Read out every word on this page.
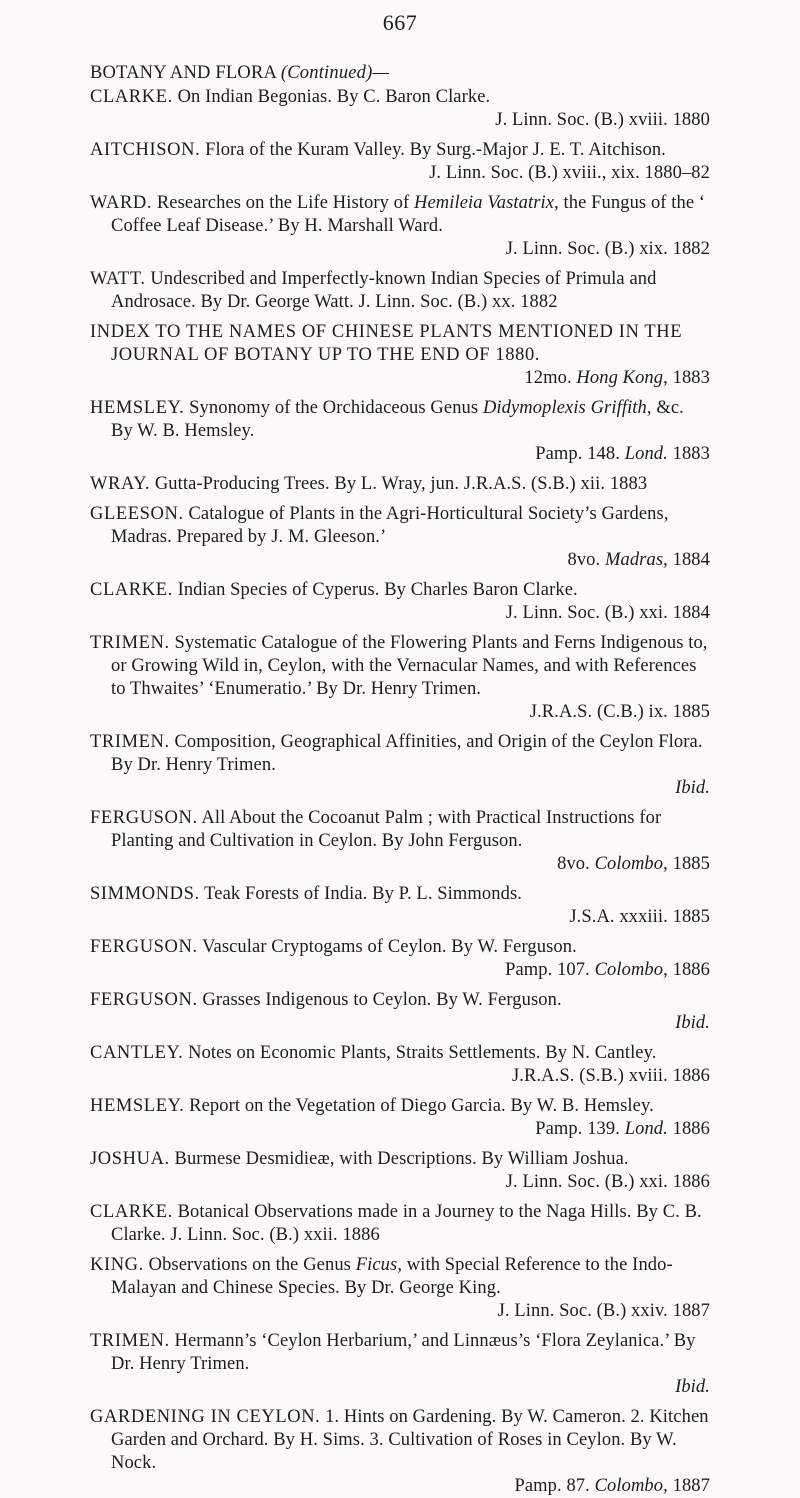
667
BOTANY AND FLORA (Continued)—

CLARKE. On Indian Begonias. By C. Baron Clarke.
J. Linn. Soc. (B.) xviii. 1880

AITCHISON. Flora of the Kuram Valley. By Surg.-Major J. E. T. Aitchison.
J. Linn. Soc. (B.) xviii., xix. 1880–82

WARD. Researches on the Life History of Hemileia Vastatrix, the Fungus of the ‘ Coffee Leaf Disease.’ By H. Marshall Ward.
J. Linn. Soc. (B.) xix. 1882

WATT. Undescribed and Imperfectly-known Indian Species of Primula and Androsace. By Dr. George Watt. J. Linn. Soc. (B.) xx. 1882

INDEX TO THE NAMES OF CHINESE PLANTS MENTIONED IN THE JOURNAL OF BOTANY UP TO THE END OF 1880.
12mo. Hong Kong, 1883

HEMSLEY. Synonomy of the Orchidaceous Genus Didymoplexis Griffith, &c. By W. B. Hemsley.
Pamp. 148. Lond. 1883

WRAY. Gutta-Producing Trees. By L. Wray, jun. J.R.A.S. (S.B.) xii. 1883

GLEESON. Catalogue of Plants in the Agri-Horticultural Society’s Gardens, Madras. Prepared by J. M. Gleeson.’
8vo. Madras, 1884

CLARKE. Indian Species of Cyperus. By Charles Baron Clarke.
J. Linn. Soc. (B.) xxi. 1884

TRIMEN. Systematic Catalogue of the Flowering Plants and Ferns Indigenous to, or Growing Wild in, Ceylon, with the Vernacular Names, and with References to Thwaites’ ‘Enumeratio.’ By Dr. Henry Trimen.
J.R.A.S. (C.B.) ix. 1885

TRIMEN. Composition, Geographical Affinities, and Origin of the Ceylon Flora. By Dr. Henry Trimen.
Ibid.

FERGUSON. All About the Cocoanut Palm ; with Practical Instructions for Planting and Cultivation in Ceylon. By John Ferguson.
8vo. Colombo, 1885

SIMMONDS. Teak Forests of India. By P. L. Simmonds.
J.S.A. xxxiii. 1885

FERGUSON. Vascular Cryptogams of Ceylon. By W. Ferguson.
Pamp. 107. Colombo, 1886

FERGUSON. Grasses Indigenous to Ceylon. By W. Ferguson.
Ibid.

CANTLEY. Notes on Economic Plants, Straits Settlements. By N. Cantley.
J.R.A.S. (S.B.) xviii. 1886

HEMSLEY. Report on the Vegetation of Diego Garcia. By W. B. Hemsley.
Pamp. 139. Lond. 1886

JOSHUA. Burmese Desmidieæ, with Descriptions. By William Joshua.
J. Linn. Soc. (B.) xxi. 1886

CLARKE. Botanical Observations made in a Journey to the Naga Hills. By C. B. Clarke. J. Linn. Soc. (B.) xxii. 1886

KING. Observations on the Genus Ficus, with Special Reference to the Indo-Malayan and Chinese Species. By Dr. George King.
J. Linn. Soc. (B.) xxiv. 1887

TRIMEN. Hermann’s ‘Ceylon Herbarium,’ and Linnæus’s ‘Flora Zeylanica.’ By Dr. Henry Trimen.
Ibid.

GARDENING IN CEYLON. 1. Hints on Gardening. By W. Cameron. 2. Kitchen Garden and Orchard. By H. Sims. 3. Cultivation of Roses in Ceylon. By W. Nock.
Pamp. 87. Colombo, 1887
